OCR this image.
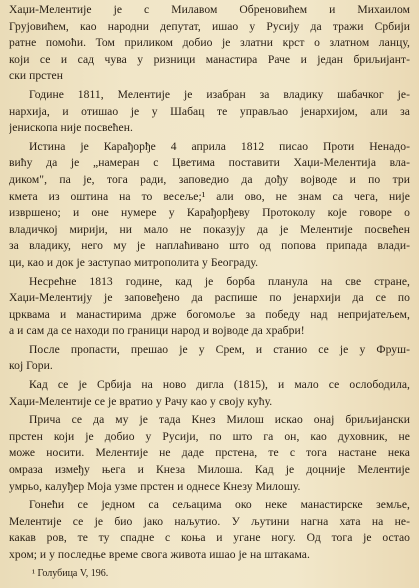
Хаџи-Мелентије је с Милавом Обреновићем и Михаилом
Грујовићем, као народни депутат, ишао у Русију да тражи Србији
ратне помоћи. Том приликом добио је златни крст о златном ланцу,
који се и сад чува у ризници манастира Раче и један бриљијант-
ски прстен
Године 1811, Мелентије је изабран за владику шабачког је-
нархија, и отишао је у Шабац те управљао јенархијом, али за
јенископа није посвећен.
Истина је Карађорђе 4 априла 1812 писао Проти Ненадо-
вићу да је „намеран с Цветима поставити Хаџи-Мелентија вла-
диком", па је, тога ради, заповедио да дођу војводе и по три
кмета из оштина на то весеље;¹ али ово, не знам са чега, није
извршено; и оне нумере у Карађорђеву Протоколу које говоре о
владичкој мирији, ни мало не показују да је Мелентије посвећен
за владику, него му је наплаћивано што од попова припада влади-
ци, као и док је заступао митрополита у Београду.
Несрећне 1813 године, кад је борба планула на све стране,
Хаџи-Мелентију је заповеђено да распише по јенархији да се по
црквама и манастирима држе богомоље за победу над непријатељем,
а и сам да се находи по граници народ и војводе да храбри!
После пропасти, прешао је у Срем, и станио се је у Фруш-
кој Гори.
Кад се је Србија на ново дигла (1815), и мало се ослободила,
Хаџи-Мелентије се је вратио у Рачу као у своју кућу.
Прича се да му је тада Кнез Милош искао онај бриљијански
прстен који је добио у Русији, по што га он, као духовник, не
може носити. Мелентије не даде прстена, те с тога настане нека
омраза између њега и Кнеза Милоша. Кад је доцније Мелентије
умрьо, калуђер Моја узме прстен и однесе Кнезу Милошу.
Гонећи се једном са сељацима око неке манастирске земље,
Мелентије се је био јако наљутио. У љутини нагна хата на не-
какав ров, те ту спадне с коња и угане ногу. Од тога је остао
хром; и у последње време свога живота ишао је на штакама.
¹ Голубица V, 196.
